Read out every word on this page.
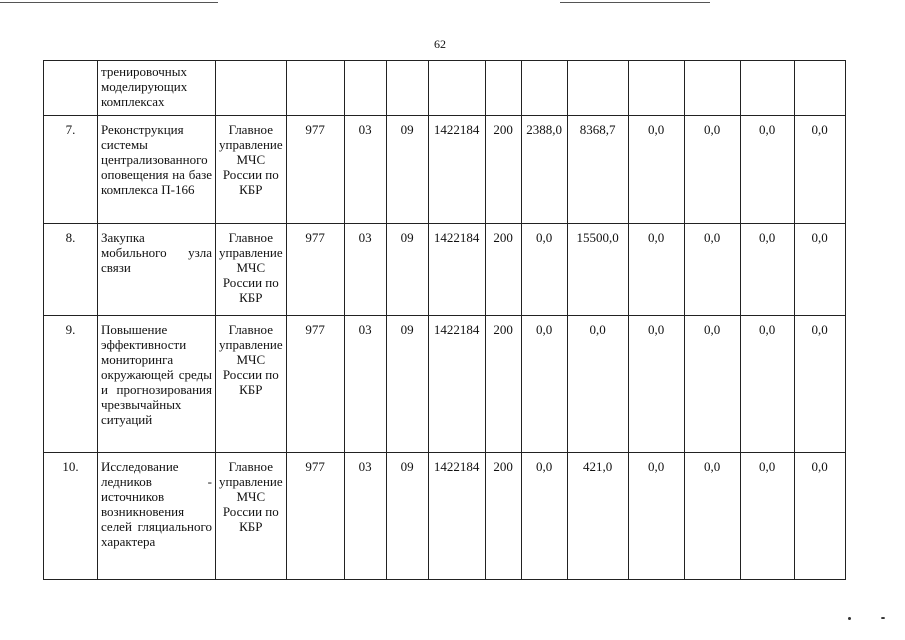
62
	тренировочных моделирующих комплексах												
7.	Реконструкция системы централизованного оповещения на базе комплекса П-166	Главное управление МЧС России по КБР	977	03	09	1422184	200	2388,0	8368,7	0,0	0,0	0,0	0,0
8.	Закупка мобильного узла связи	Главное управление МЧС России по КБР	977	03	09	1422184	200	0,0	15500,0	0,0	0,0	0,0	0,0
9.	Повышение эффективности мониторинга окружающей среды и прогнозирования чрезвычайных ситуаций	Главное управление МЧС России по КБР	977	03	09	1422184	200	0,0	0,0	0,0	0,0	0,0	0,0
10.	Исследование ледников - источников возникновения селей гляциального характера	Главное управление МЧС России по КБР	977	03	09	1422184	200	0,0	421,0	0,0	0,0	0,0	0,0
